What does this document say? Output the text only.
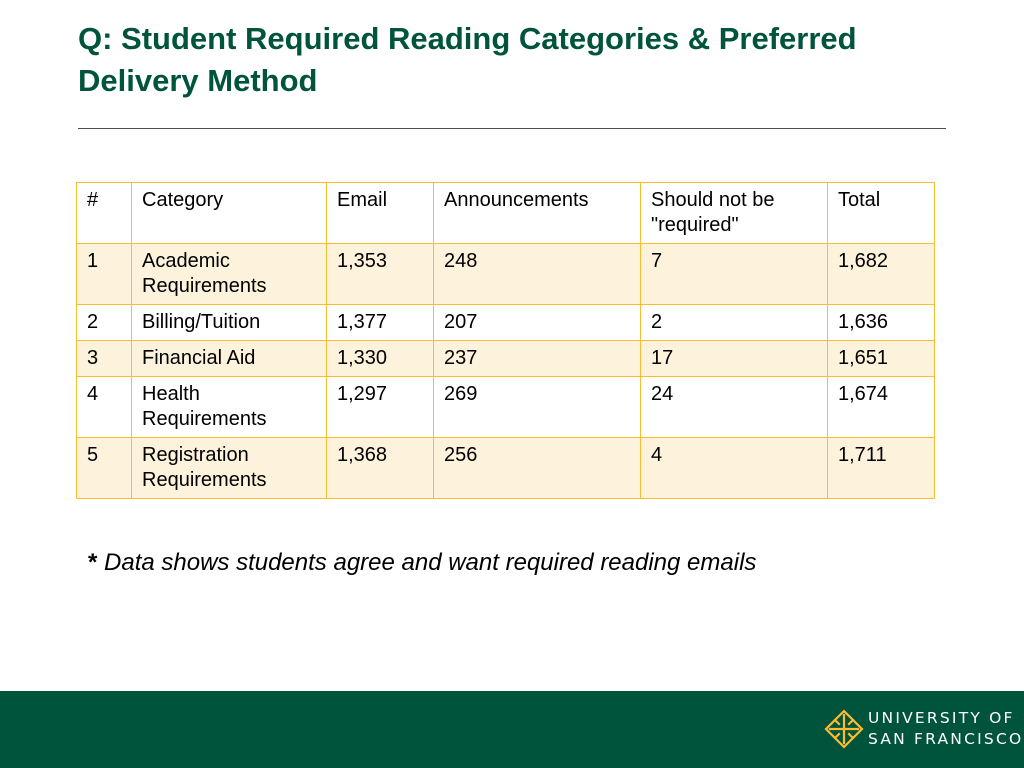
Q: Student Required Reading Categories & Preferred Delivery Method
#	Category	Email	Announcements	Should not be "required"	Total
1	Academic Requirements	1,353	248	7	1,682
2	Billing/Tuition	1,377	207	2	1,636
3	Financial Aid	1,330	237	17	1,651
4	Health Requirements	1,297	269	24	1,674
5	Registration Requirements	1,368	256	4	1,711
* Data shows students agree and want required reading emails
UNIVERSITY OF
SAN FRANCISCO
